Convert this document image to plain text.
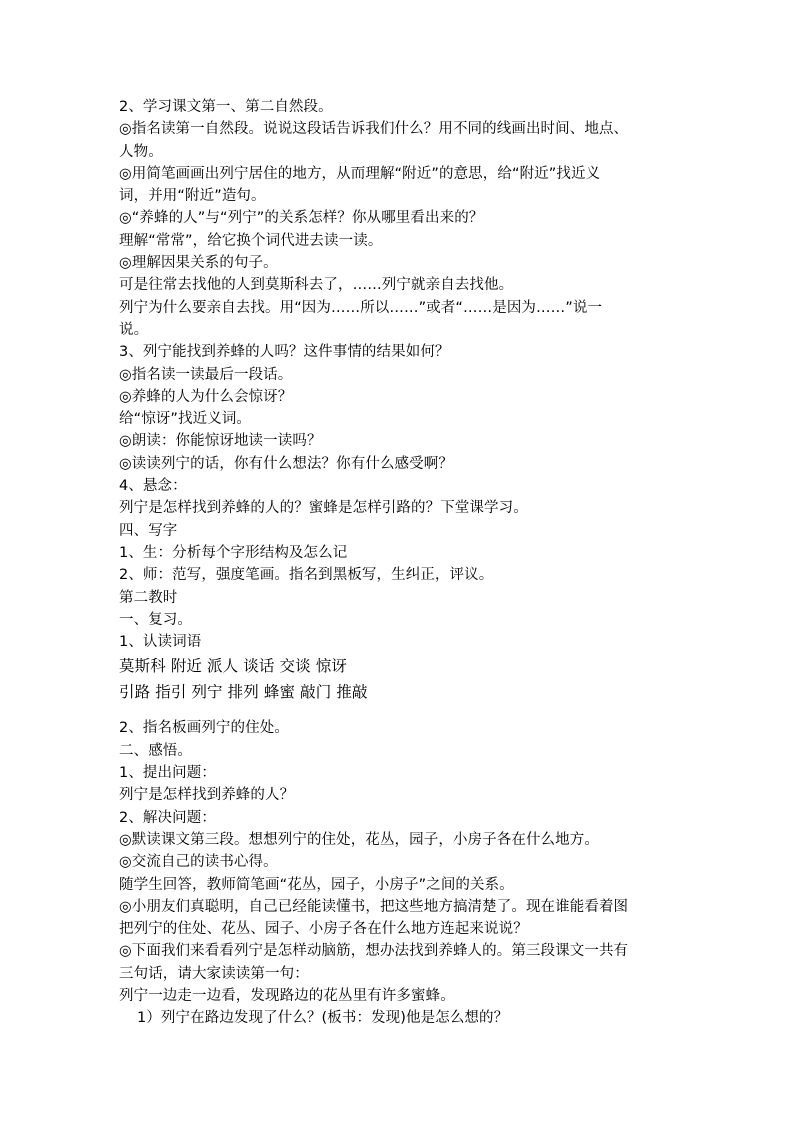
2、学习课文第一、第二自然段。
◎指名读第一自然段。说说这段话告诉我们什么？用不同的线画出时间、地点、
人物。
◎用简笔画画出列宁居住的地方，从而理解“附近”的意思，给“附近”找近义
词，并用“附近”造句。
◎“养蜂的人”与“列宁”的关系怎样？你从哪里看出来的？
理解“常常”，给它换个词代进去读一读。
◎理解因果关系的句子。
可是往常去找他的人到莫斯科去了，……列宁就亲自去找他。
列宁为什么要亲自去找。用“因为……所以……”或者“……是因为……”说一
说。
3、列宁能找到养蜂的人吗？这件事情的结果如何？
◎指名读一读最后一段话。
◎养蜂的人为什么会惊讶？
给“惊讶”找近义词。
◎朗读：你能惊讶地读一读吗？
◎读读列宁的话，你有什么想法？你有什么感受啊？
4、悬念：
列宁是怎样找到养蜂的人的？蜜蜂是怎样引路的？下堂课学习。
四、写字
1、生：分析每个字形结构及怎么记
2、师：范写，强度笔画。指名到黑板写，生纠正，评议。
第二教时
一、复习。
1、认读词语
莫斯科 附近 派人 谈话 交谈 惊讶
引路 指引 列宁 排列 蜂蜜 敲门 推敲
2、指名板画列宁的住处。
二、感悟。
1、提出问题：
列宁是怎样找到养蜂的人？
2、解决问题：
◎默读课文第三段。想想列宁的住处，花丛，园子，小房子各在什么地方。
◎交流自己的读书心得。
随学生回答，教师简笔画“花丛，园子，小房子”之间的关系。
◎小朋友们真聪明，自己已经能读懂书，把这些地方搞清楚了。现在谁能看着图
把列宁的住处、花丛、园子、小房子各在什么地方连起来说说？
◎下面我们来看看列宁是怎样动脑筋，想办法找到养蜂人的。第三段课文一共有
三句话，请大家读读第一句：
列宁一边走一边看，发现路边的花丛里有许多蜜蜂。
1）列宁在路边发现了什么？(板书：发现)他是怎么想的？
